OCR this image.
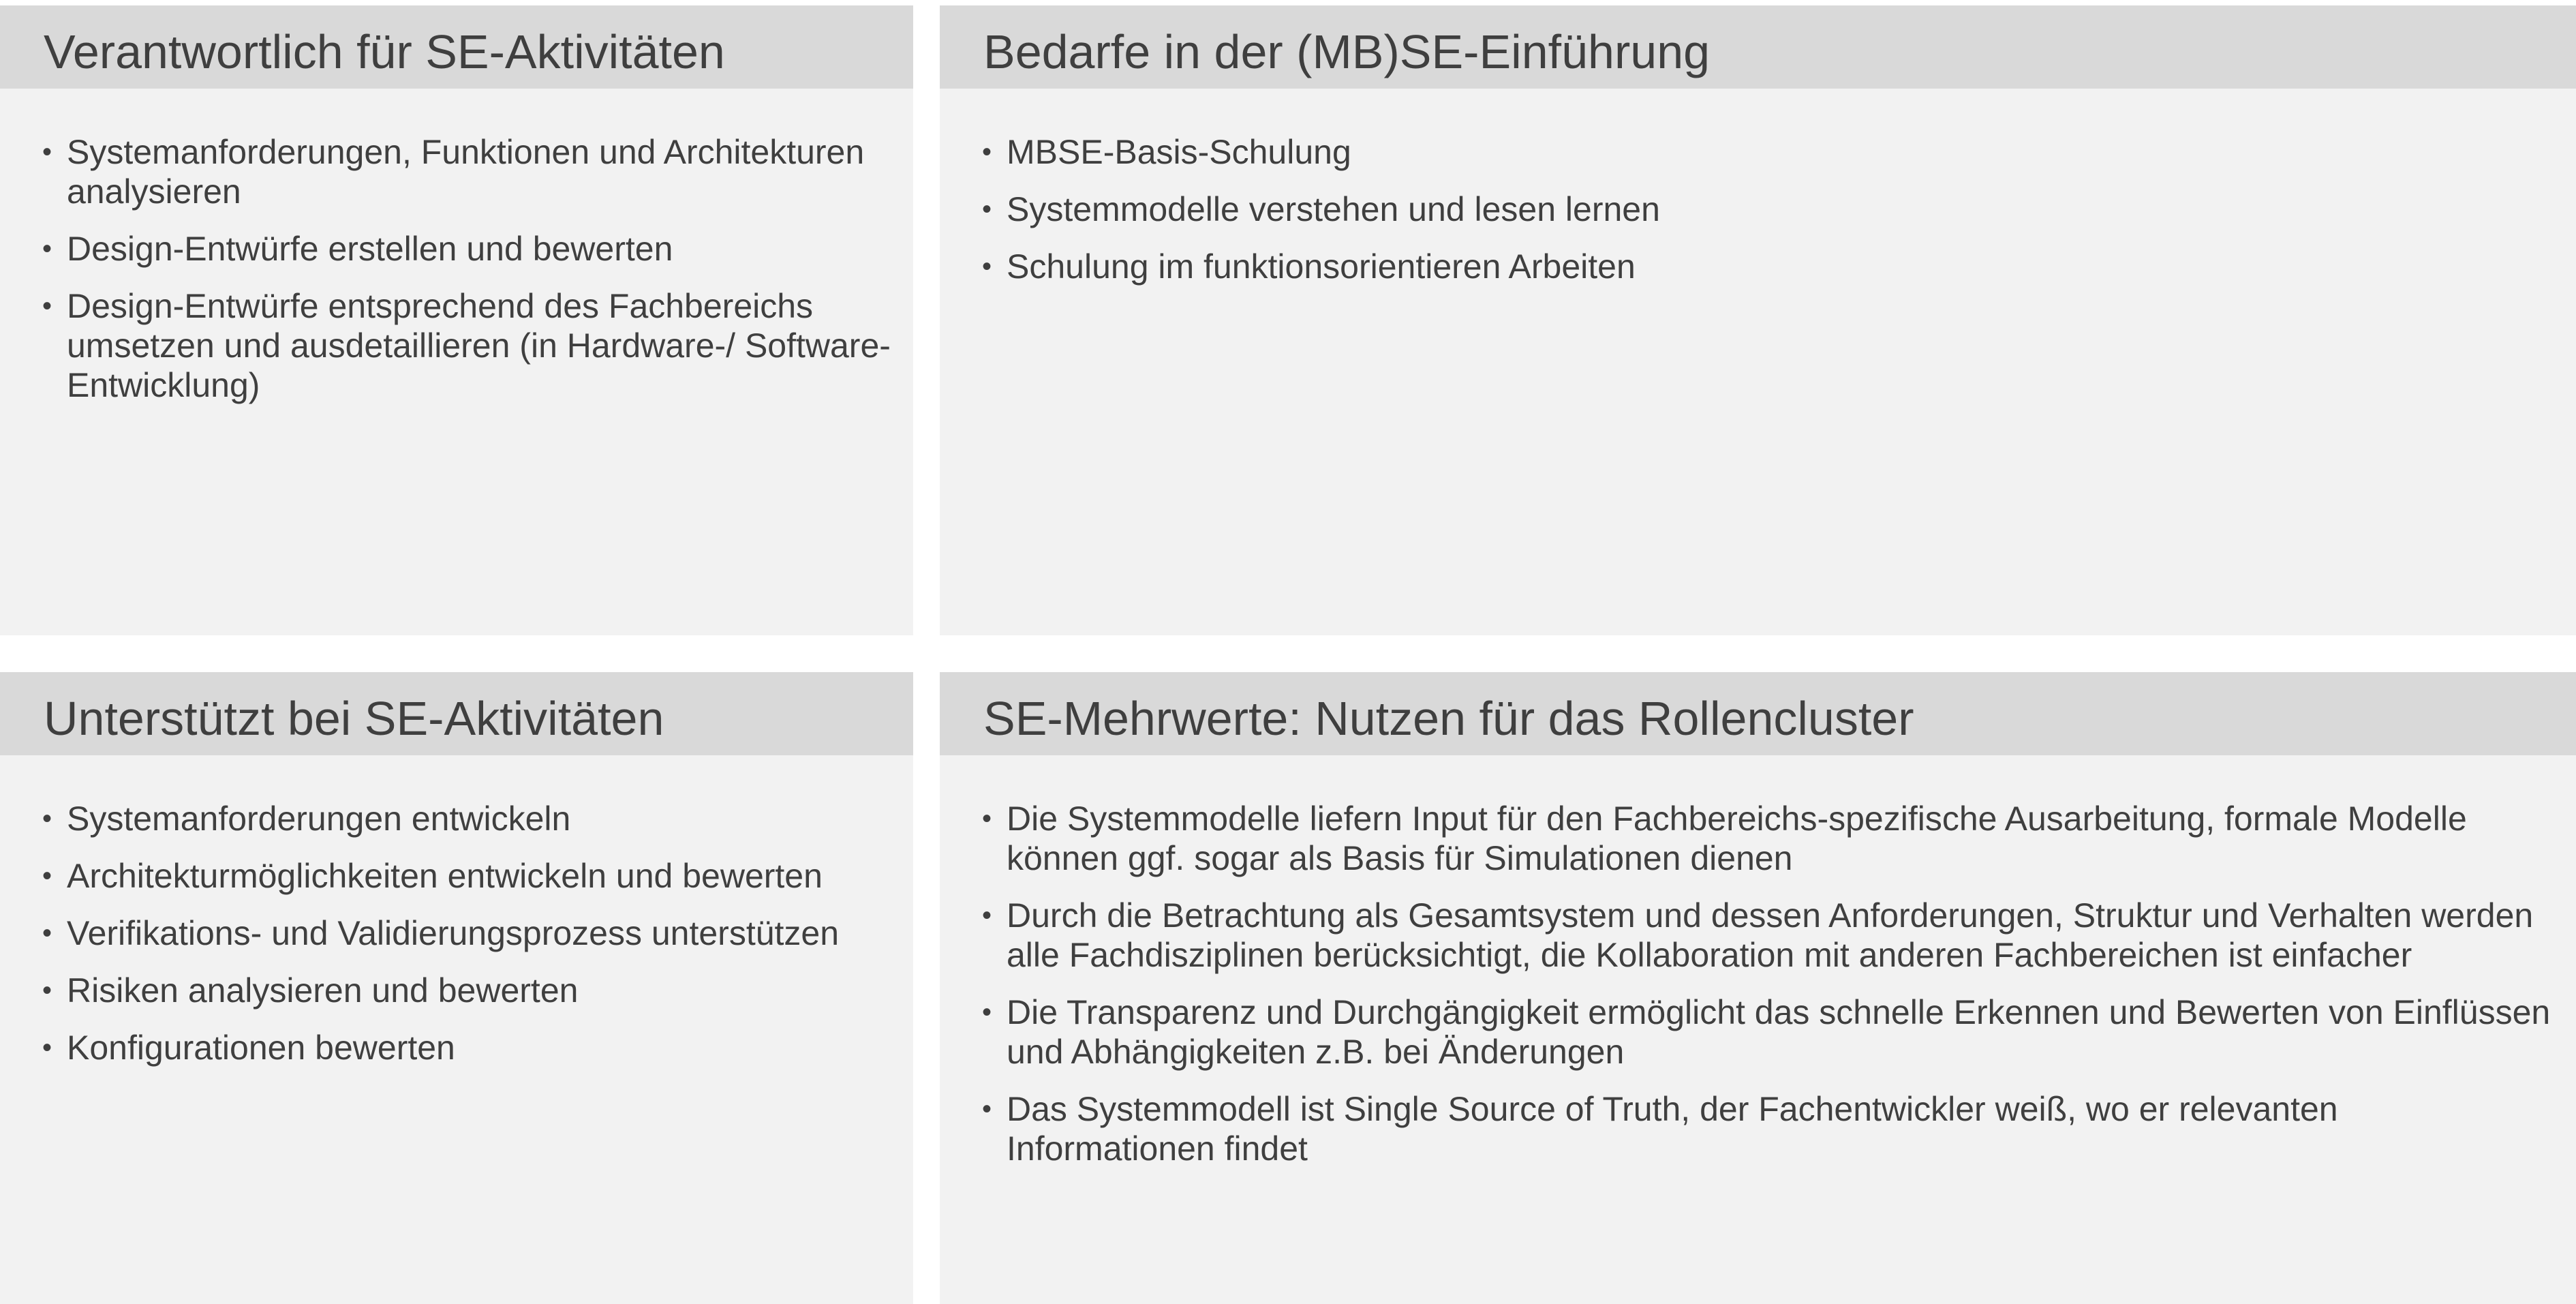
Verantwortlich für SE-Aktivitäten
• Systemanforderungen, Funktionen und Architekturen analysieren
• Design-Entwürfe erstellen und bewerten
• Design-Entwürfe entsprechend des Fachbereichs umsetzen und ausdetaillieren (in Hardware-/ Software-Entwicklung)
Bedarfe in der (MB)SE-Einführung
• MBSE-Basis-Schulung
• Systemmodelle verstehen und lesen lernen
• Schulung im funktionsorientieren Arbeiten
Unterstützt bei SE-Aktivitäten
• Systemanforderungen entwickeln
• Architekturmöglichkeiten entwickeln und bewerten
• Verifikations- und Validierungsprozess unterstützen
• Risiken analysieren und bewerten
• Konfigurationen bewerten
SE-Mehrwerte: Nutzen für das Rollencluster
• Die Systemmodelle liefern Input für den Fachbereichs-spezifische Ausarbeitung, formale Modelle können ggf. sogar als Basis für Simulationen dienen
• Durch die Betrachtung als Gesamtsystem und dessen Anforderungen, Struktur und Verhalten werden alle Fachdisziplinen berücksichtigt, die Kollaboration mit anderen Fachbereichen ist einfacher
• Die Transparenz und Durchgängigkeit ermöglicht das schnelle Erkennen und Bewerten von Einflüssen und Abhängigkeiten z.B. bei Änderungen
• Das Systemmodell ist Single Source of Truth, der Fachentwickler weiß, wo er relevanten Informationen findet
